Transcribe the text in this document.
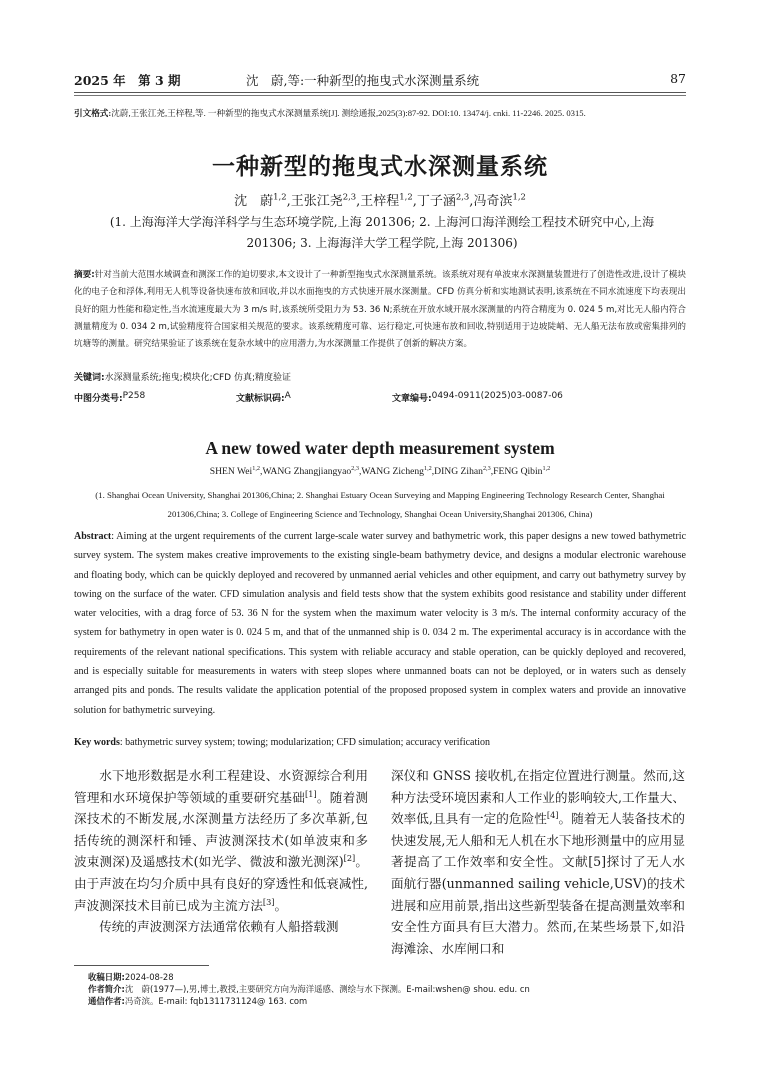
2025 年　第 3 期	沈　蔚,等:一种新型的拖曳式水深测量系统	87
引文格式:沈蔚,王张江尧,王梓程,等. 一种新型的拖曳式水深测量系统[J]. 测绘通报,2025(3):87-92. DOI:10. 13474/j. cnki. 11-2246. 2025. 0315.
一种新型的拖曳式水深测量系统
沈　蔚$^{1,2}$,王张江尧$^{2,3}$,王梓程$^{1,2}$,丁子涵$^{2,3}$,冯奇滨$^{1,2}$
(1. 上海海洋大学海洋科学与生态环境学院,上海 201306; 2. 上海河口海洋测绘工程技术研究中心,上海 201306; 3. 上海海洋大学工程学院,上海 201306)
摘要:针对当前大范围水域调查和测深工作的迫切要求,本文设计了一种新型拖曳式水深测量系统。该系统对现有单波束水深测量装置进行了创造性改进,设计了模块化的电子仓和浮体,利用无人机等设备快速布放和回收,并以水面拖曳的方式快速开展水深测量。CFD 仿真分析和实地测试表明,该系统在不同水流速度下均表现出良好的阻力性能和稳定性,当水流速度最大为 3 m/s 时,该系统所受阻力为 53. 36 N;系统在开放水域开展水深测量的内符合精度为 0. 024 5 m,对比无人船内符合测量精度为 0. 034 2 m,试验精度符合国家相关规范的要求。该系统精度可靠、运行稳定,可快速布放和回收,特别适用于边坡陡峭、无人船无法布放或密集排列的坑塘等的测量。研究结果验证了该系统在复杂水域中的应用潜力,为水深测量工作提供了创新的解决方案。
关键词:水深测量系统;拖曳;模块化;CFD 仿真;精度验证
中图分类号: P258	文献标识码: A	文章编号: 0494-0911(2025)03-0087-06
A new towed water depth measurement system
SHEN Wei$^{1,2}$,WANG Zhangjiangyao$^{2,3}$,WANG Zicheng$^{1,2}$,DING Zihan$^{2,3}$,FENG Qibin$^{1,2}$
(1. Shanghai Ocean University, Shanghai 201306,China; 2. Shanghai Estuary Ocean Surveying and Mapping Engineering Technology Research Center, Shanghai 201306,China; 3. College of Engineering Science and Technology, Shanghai Ocean University,Shanghai 201306, China)
Abstract: Aiming at the urgent requirements of the current large-scale water survey and bathymetric work, this paper designs a new towed bathymetric survey system. The system makes creative improvements to the existing single-beam bathymetry device, and designs a modular electronic warehouse and floating body, which can be quickly deployed and recovered by unmanned aerial vehicles and other equipment, and carry out bathymetry survey by towing on the surface of the water. CFD simulation analysis and field tests show that the system exhibits good resistance and stability under different water velocities, with a drag force of 53. 36 N for the system when the maximum water velocity is 3 m/s. The internal conformity accuracy of the system for bathymetry in open water is 0. 024 5 m, and that of the unmanned ship is 0. 034 2 m. The experimental accuracy is in accordance with the requirements of the relevant national specifications. This system with reliable accuracy and stable operation, can be quickly deployed and recovered, and is especially suitable for measurements in waters with steep slopes where unmanned boats can not be deployed, or in waters such as densely arranged pits and ponds. The results validate the application potential of the proposed proposed system in complex waters and provide an innovative solution for bathymetric surveying.
Key words: bathymetric survey system; towing; modularization; CFD simulation; accuracy verification

水下地形数据是水利工程建设、水资源综合利用管理和水环境保护等领域的重要研究基础[1]。随着测深技术的不断发展,水深测量方法经历了多次革新,包括传统的测深杆和锤、声波测深技术(如单波束和多波束测深)及遥感技术(如光学、微波和激光测深)[2]。由于声波在均匀介质中具有良好的穿透性和低衰减性,声波测深技术目前已成为主流方法[3]。

传统的声波测深方法通常依赖有人船搭载测

深仪和 GNSS 接收机,在指定位置进行测量。然而,这种方法受环境因素和人工作业的影响较大,工作量大、效率低,且具有一定的危险性[4]。随着无人装备技术的快速发展,无人船和无人机在水下地形测量中的应用显著提高了工作效率和安全性。文献[5]探讨了无人水面航行器(unmanned sailing vehicle,USV)的技术进展和应用前景,指出这些新型装备在提高测量效率和安全性方面具有巨大潜力。然而,在某些场景下,如沿海滩涂、水库闸口和

收稿日期:2024-08-28
作者简介:沈　蔚(1977—),男,博士,教授,主要研究方向为海洋遥感、测绘与水下探测。E-mail:wshen@ shou. edu. cn
通信作者:冯奇滨。E-mail: fqb1311731124@ 163. com
